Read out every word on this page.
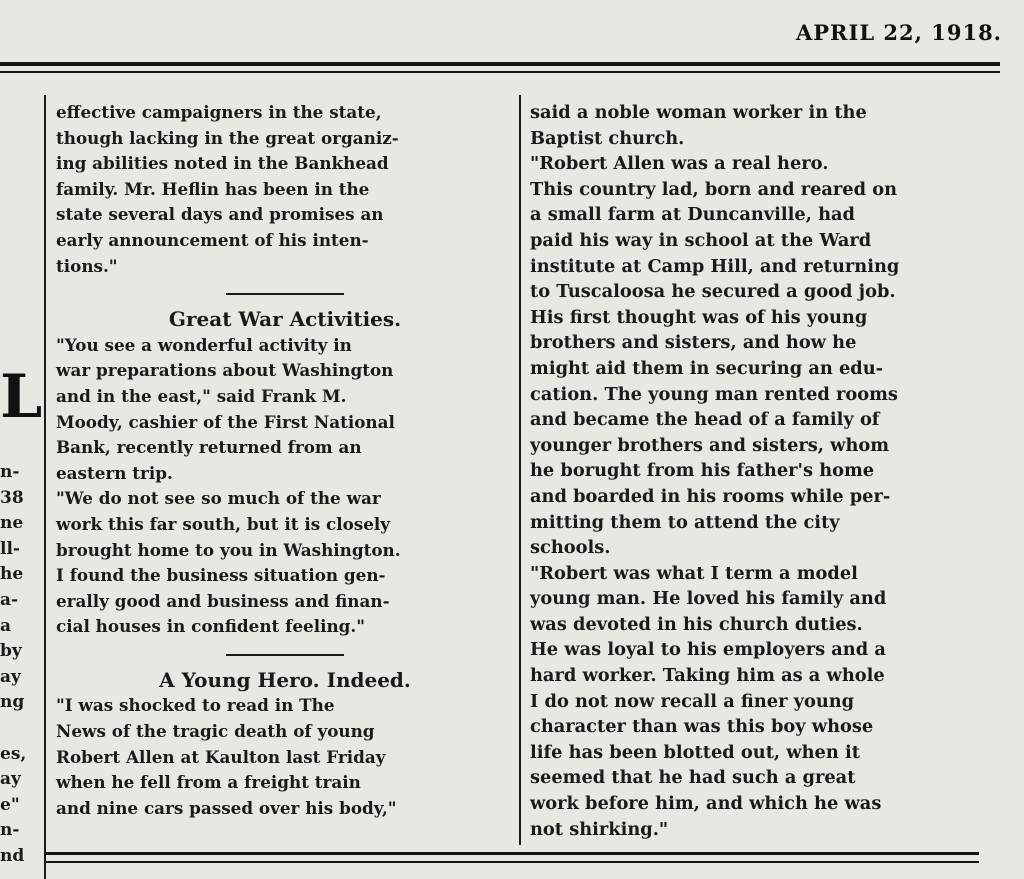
APRIL 22, 1918.
L
n-
38
ne
ll-
he
a-
a
by
ay
ng
es,
ay
e"
n-
nd
effective campaigners in the state,
though lacking in the great organiz-
ing abilities noted in the Bankhead
family. Mr. Heflin has been in the
state several days and promises an
early announcement of his inten-
tions."
Great War Activities.
"You see a wonderful activity in
war preparations about Washington
and in the east," said Frank M.
Moody, cashier of the First National
Bank, recently returned from an
eastern trip.
"We do not see so much of the war
work this far south, but it is closely
brought home to you in Washington.
I found the business situation gen-
erally good and business and finan-
cial houses in confident feeling."
A Young Hero. Indeed.
"I was shocked to read in The
News of the tragic death of young
Robert Allen at Kaulton last Friday
when he fell from a freight train
and nine cars passed over his body,"
said a noble woman worker in the
Baptist church.
"Robert Allen was a real hero.
This country lad, born and reared on
a small farm at Duncanville, had
paid his way in school at the Ward
institute at Camp Hill, and returning
to Tuscaloosa he secured a good job.
His first thought was of his young
brothers and sisters, and how he
might aid them in securing an edu-
cation. The young man rented rooms
and became the head of a family of
younger brothers and sisters, whom
he borught from his father's home
and boarded in his rooms while per-
mitting them to attend the city
schools.
"Robert was what I term a model
young man. He loved his family and
was devoted in his church duties.
He was loyal to his employers and a
hard worker. Taking him as a whole
I do not now recall a finer young
character than was this boy whose
life has been blotted out, when it
seemed that he had such a great
work before him, and which he was
not shirking."
